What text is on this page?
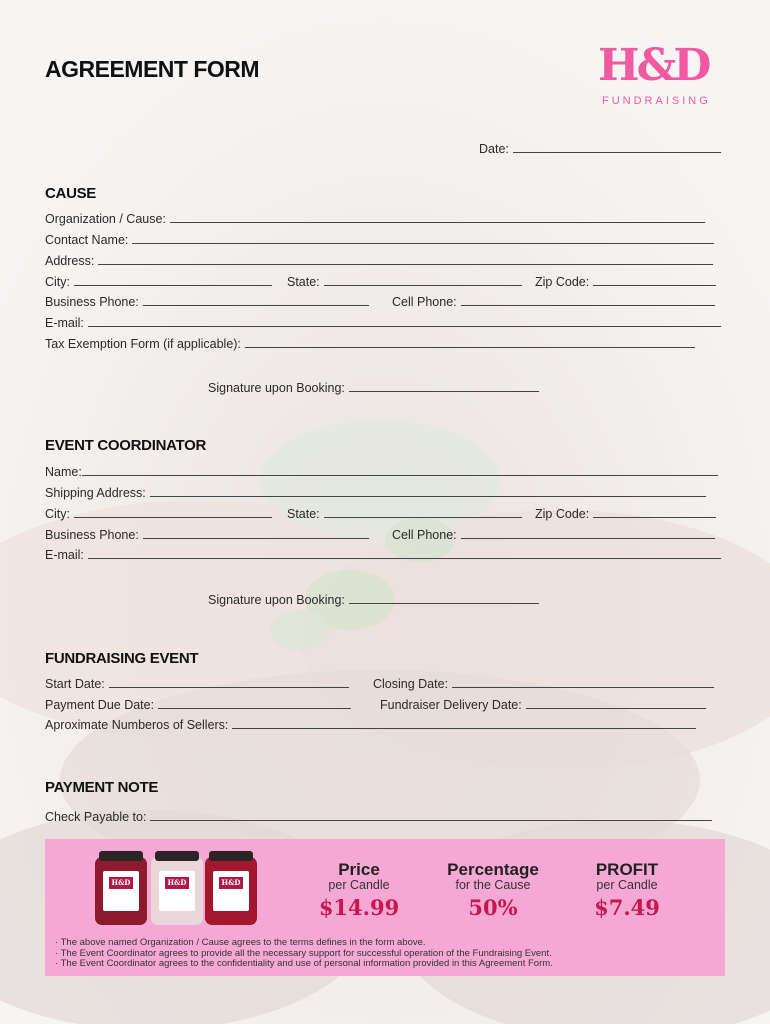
AGREEMENT FORM	H&D
FUNDRAISING
Date:
CAUSE
Organization / Cause:
Contact Name:
Address:
City:	State:	Zip Code:
Business Phone:	Cell Phone:
E-mail:
Tax Exemption Form (if applicable):
Signature upon Booking:
EVENT COORDINATOR
Name:
Shipping Address:
City:	State:	Zip Code:
Business Phone:	Cell Phone:
E-mail:
Signature upon Booking:
FUNDRAISING EVENT
Start Date:	Closing Date:
Payment Due Date:	Fundraiser Delivery Date:
Aproximate Numberos of Sellers:
PAYMENT NOTE
Check Payable to:
H&D	H&D	H&D
Price
per Candle
$14.99
Percentage
for the Cause
50%
PROFIT
per Candle
$7.49
· The above named Organization / Cause agrees to the terms defines in the form above.
· The Event Coordinator agrees to provide all the necessary support for successful operation of the Fundraising Event.
· The Event Coordinator agrees to the confidentiality and use of personal information provided in this Agreement Form.
